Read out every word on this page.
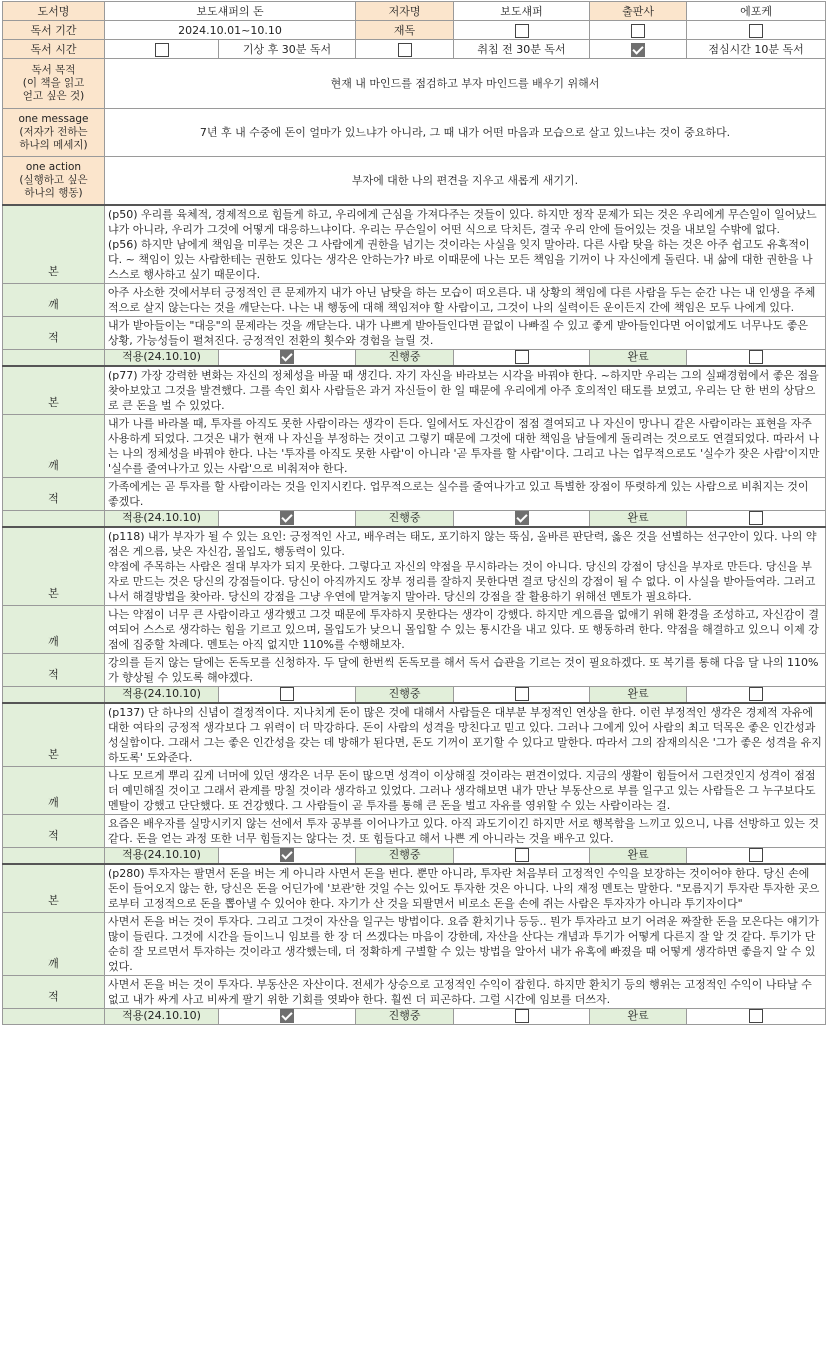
도서명	보도섀퍼의 돈		저자명	보도섀퍼	출판사	에포케
독서 기간	2024.10.01~10.10		재독			
독서 시간		기상 후 30분 독서		취침 전 30분 독서		점심시간 10분 독서
독서 목적
(이 책을 읽고
얻고 싶은 것)	현재 내 마인드를 점검하고 부자 마인드를 배우기 위해서					
one message
(저자가 전하는
하나의 메세지)	7년 후 내 수중에 돈이 얼마가 있느냐가 아니라, 그 때 내가 어떤 마음과 모습으로 살고 있느냐는 것이 중요하다.					
one action
(실행하고 싶은
하나의 행동)	부자에 대한 나의 편견을 지우고 새롭게 새기기.					
본	(p50) 우리를 육체적, 경제적으로 힘들게 하고, 우리에게 근심을 가져다주는 것들이 있다. 하지만 정작 문제가 되는 것은 우리에게 무슨일이 일어났느냐가 아니라, 우리가 그것에 어떻게 대응하느냐이다. 우리는 무슨일이 어떤 식으로 닥치든, 결국 우리 안에 들어있는 것을 내보일 수밖에 없다.
(p56) 하지만 남에게 책임을 미루는 것은 그 사람에게 권한을 넘기는 것이라는 사실을 잊지 말아라. 다른 사람 탓을 하는 것은 아주 쉽고도 유혹적이다. ~ 책임이 있는 사람한테는 권한도 있다는 생각은 안하는가? 바로 이때문에 나는 모든 책임을 기꺼이 나 자신에게 돌린다. 내 삶에 대한 권한을 나 스스로 행사하고 싶기 때문이다.					
깨	아주 사소한 것에서부터 긍정적인 큰 문제까지 내가 아닌 남탓을 하는 모습이 떠오른다. 내 상황의 책임에 다른 사람을 두는 순간 나는 내 인생을 주체적으로 살지 않는다는 것을 깨닫는다. 나는 내 행동에 대해 책임져야 할 사람이고, 그것이 나의 실력이든 운이든지 간에 책임은 모두 나에게 있다.					
적	내가 받아들이는 "대응"의 문제라는 것을 깨닫는다. 내가 나쁘게 받아들인다면 끝없이 나빠질 수 있고 좋게 받아들인다면 어이없게도 너무나도 좋은 상황, 가능성들이 펼쳐진다. 긍정적인 전환의 횟수와 경험을 늘릴 것.					
	적용(24.10.10)		진행중		완료	
본	(p77) 가장 강력한 변화는 자신의 정체성을 바꿀 때 생긴다. 자기 자신을 바라보는 시각을 바꿔야 한다. ~하지만 우리는 그의 실패경험에서 좋은 점을 찾아보았고 그것을 발견했다. 그를 속인 회사 사람들은 과거 자신들이 한 일 때문에 우리에게 아주 호의적인 태도를 보였고, 우리는 단 한 번의 상담으로 큰 돈을 벌 수 있었다.					
깨	내가 나를 바라볼 때, 투자를 아직도 못한 사람이라는 생각이 든다. 일에서도 자신감이 점점 결여되고 나 자신이 망나니 같은 사람이라는 표현을 자주 사용하게 되었다. 그것은 내가 현재 나 자신을 부정하는 것이고 그렇기 때문에 그것에 대한 책임을 남들에게 돌리려는 것으로도 연결되었다. 따라서 나는 나의 정체성을 바꿔야 한다. 나는 '투자를 아직도 못한 사람'이 아니라 '곧 투자를 할 사람'이다. 그리고 나는 업무적으로도 '실수가 잦은 사람'이지만 '실수를 줄여나가고 있는 사람'으로 비춰져야 한다.					
적	가족에게는 곧 투자를 할 사람이라는 것을 인지시킨다. 업무적으로는 실수를 줄여나가고 있고 특별한 장점이 뚜렷하게 있는 사람으로 비춰지는 것이 좋겠다.					
	적용(24.10.10)		진행중		완료	
본	(p118) 내가 부자가 될 수 있는 요인: 긍정적인 사고, 배우려는 태도, 포기하지 않는 뚝심, 올바른 판단력, 옳은 것을 선별하는 선구안이 있다. 나의 약점은 게으름, 낮은 자신감, 몰입도, 행동력이 있다.
약점에 주목하는 사람은 절대 부자가 되지 못한다. 그렇다고 자신의 약점을 무시하라는 것이 아니다. 당신의 강점이 당신을 부자로 만든다. 당신을 부자로 만드는 것은 당신의 강점들이다. 당신이 아직까지도 장부 정리를 잘하지 못한다면 결코 당신의 강점이 될 수 없다. 이 사실을 받아들여라. 그러고나서 해결방법을 찾아라. 당신의 강점을 그냥 우연에 맡겨놓지 말아라. 당신의 강점을 잘 활용하기 위해선 멘토가 필요하다.					
깨	나는 약점이 너무 큰 사람이라고 생각했고 그것 때문에 투자하지 못한다는 생각이 강했다. 하지만 게으름을 없애기 위해 환경을 조성하고, 자신감이 결여되어 스스로 생각하는 힘을 기르고 있으며, 몰입도가 낮으니 몰입할 수 있는 통시간을 내고 있다. 또 행동하려 한다. 약점을 해결하고 있으니 이제 강점에 집중할 차례다. 멘토는 아직 없지만 110%를 수행해보자.					
적	강의를 듣지 않는 달에는 돈독모를 신청하자. 두 달에 한번씩 돈독모를 해서 독서 습관을 기르는 것이 필요하겠다. 또 복기를 통해 다음 달 나의 110%가 향상될 수 있도록 해야겠다.					
	적용(24.10.10)		진행중		완료	
본	(p137) 단 하나의 신념이 결정적이다. 지나치게 돈이 많은 것에 대해서 사람들은 대부분 부정적인 연상을 한다. 이런 부정적인 생각은 경제적 자유에 대한 여타의 긍정적 생각보다 그 위력이 더 막강하다. 돈이 사람의 성격을 망친다고 믿고 있다. 그러나 그에게 있어 사람의 최고 덕목은 좋은 인간성과 성실함이다. 그래서 그는 좋은 인간성을 갖는 데 방해가 된다면, 돈도 기꺼이 포기할 수 있다고 말한다. 따라서 그의 잠재의식은 '그가 좋은 성격을 유지하도록' 도와준다.					
깨	나도 모르게 뿌리 깊게 너머에 있던 생각은 너무 돈이 많으면 성격이 이상해질 것이라는 편견이었다. 지금의 생활이 힘들어서 그런것인지 성격이 점점 더 예민해질 것이고 그래서 관계를 망칠 것이라 생각하고 있었다. 그러나 생각해보면 내가 만난 부동산으로 부를 일구고 있는 사람들은 그 누구보다도 멘탈이 강했고 단단했다. 또 건강했다. 그 사람들이 곧 투자를 통해 큰 돈을 벌고 자유를 영위할 수 있는 사람이라는 걸.					
적	요즘은 배우자를 실망시키지 않는 선에서 투자 공부를 이어나가고 있다. 아직 과도기이긴 하지만 서로 행복함을 느끼고 있으니, 나름 선방하고 있는 것 같다. 돈을 얻는 과정 또한 너무 힘들지는 않다는 것. 또 힘들다고 해서 나쁜 게 아니라는 것을 배우고 있다.					
	적용(24.10.10)		진행중		완료	
본	(p280) 투자자는 팔면서 돈을 버는 게 아니라 사면서 돈을 번다. 뿐만 아니라, 투자란 처음부터 고정적인 수익을 보장하는 것이어야 한다. 당신 손에 돈이 들어오지 않는 한, 당신은 돈을 어딘가에 '보관'한 것일 수는 있어도 투자한 것은 아니다. 나의 재정 멘토는 말한다. "모름지기 투자란 투자한 곳으로부터 고정적으로 돈을 뽑아낼 수 있어야 한다. 자기가 산 것을 되팔면서 비로소 돈을 손에 쥐는 사람은 투자자가 아니라 투기자이다"					
깨	사면서 돈을 버는 것이 투자다. 그리고 그것이 자산을 일구는 방법이다. 요즘 환치기나 등등.. 뭔가 투자라고 보기 어려운 짜잘한 돈을 모은다는 얘기가 많이 들린다. 그것에 시간을 들이느니 임보를 한 장 더 쓰겠다는 마음이 강한데, 자산을 산다는 개념과 투기가 어떻게 다른지 잘 알 것 같다. 투기가 단순히 잘 모르면서 투자하는 것이라고 생각했는데, 더 정확하게 구별할 수 있는 방법을 알아서 내가 유혹에 빠졌을 때 어떻게 생각하면 좋을지 알 수 있었다.					
적	사면서 돈을 버는 것이 투자다. 부동산은 자산이다. 전세가 상승으로 고정적인 수익이 잡힌다. 하지만 환치기 등의 행위는 고정적인 수익이 나타날 수 없고 내가 싸게 사고 비싸게 팔기 위한 기회를 엿봐야 한다. 훨씬 더 피곤하다. 그럴 시간에 임보를 더쓰자.					
	적용(24.10.10)		진행중		완료	
